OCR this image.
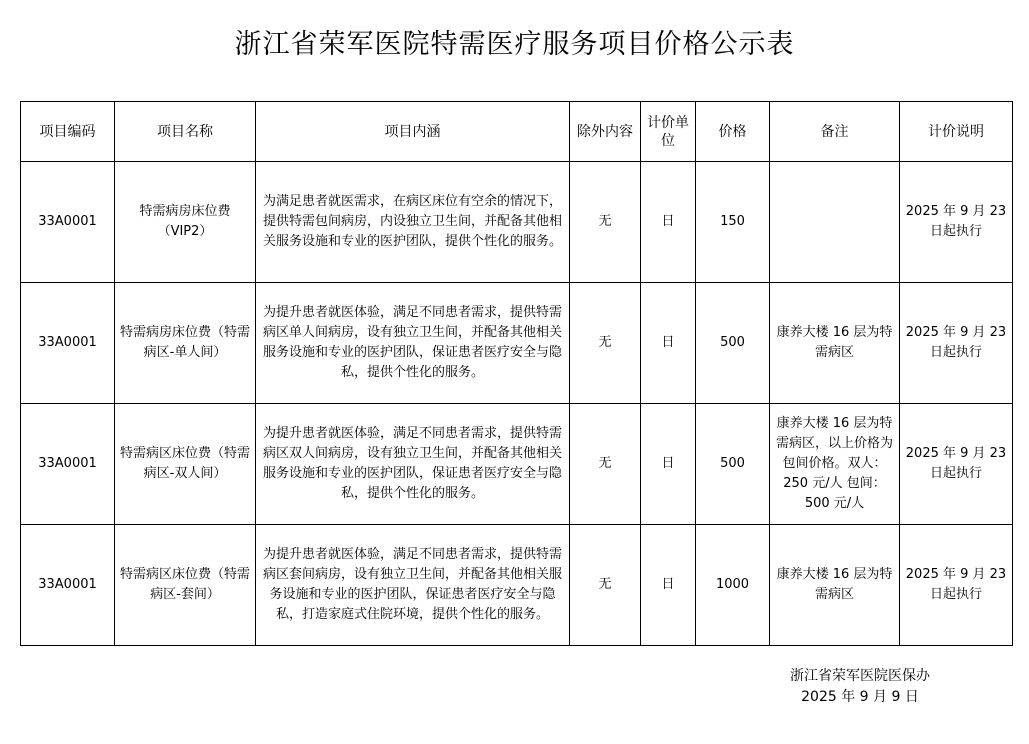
浙江省荣军医院特需医疗服务项目价格公示表
项目编码	项目名称	项目内涵	除外内容	计价单位	价格	备注	计价说明
33A0001	特需病房床位费（VIP2）	为满足患者就医需求，在病区床位有空余的情况下，提供特需包间病房，内设独立卫生间，并配备其他相关服务设施和专业的医护团队，提供个性化的服务。	无	日	150		2025 年 9 月 23 日起执行
33A0001	特需病房床位费（特需病区-单人间）	为提升患者就医体验，满足不同患者需求，提供特需病区单人间病房，设有独立卫生间，并配备其他相关服务设施和专业的医护团队，保证患者医疗安全与隐私，提供个性化的服务。	无	日	500	康养大楼 16 层为特需病区	2025 年 9 月 23 日起执行
33A0001	特需病区床位费（特需病区-双人间）	为提升患者就医体验，满足不同患者需求，提供特需病区双人间病房，设有独立卫生间，并配备其他相关服务设施和专业的医护团队，保证患者医疗安全与隐私，提供个性化的服务。	无	日	500	康养大楼 16 层为特需病区，以上价格为包间价格。双人：250 元/人 包间：500 元/人	2025 年 9 月 23 日起执行
33A0001	特需病区床位费（特需病区-套间）	为提升患者就医体验，满足不同患者需求，提供特需病区套间病房，设有独立卫生间，并配备其他相关服务设施和专业的医护团队，保证患者医疗安全与隐私，打造家庭式住院环境，提供个性化的服务。	无	日	1000	康养大楼 16 层为特需病区	2025 年 9 月 23 日起执行
浙江省荣军医院医保办
2025 年 9 月 9 日
